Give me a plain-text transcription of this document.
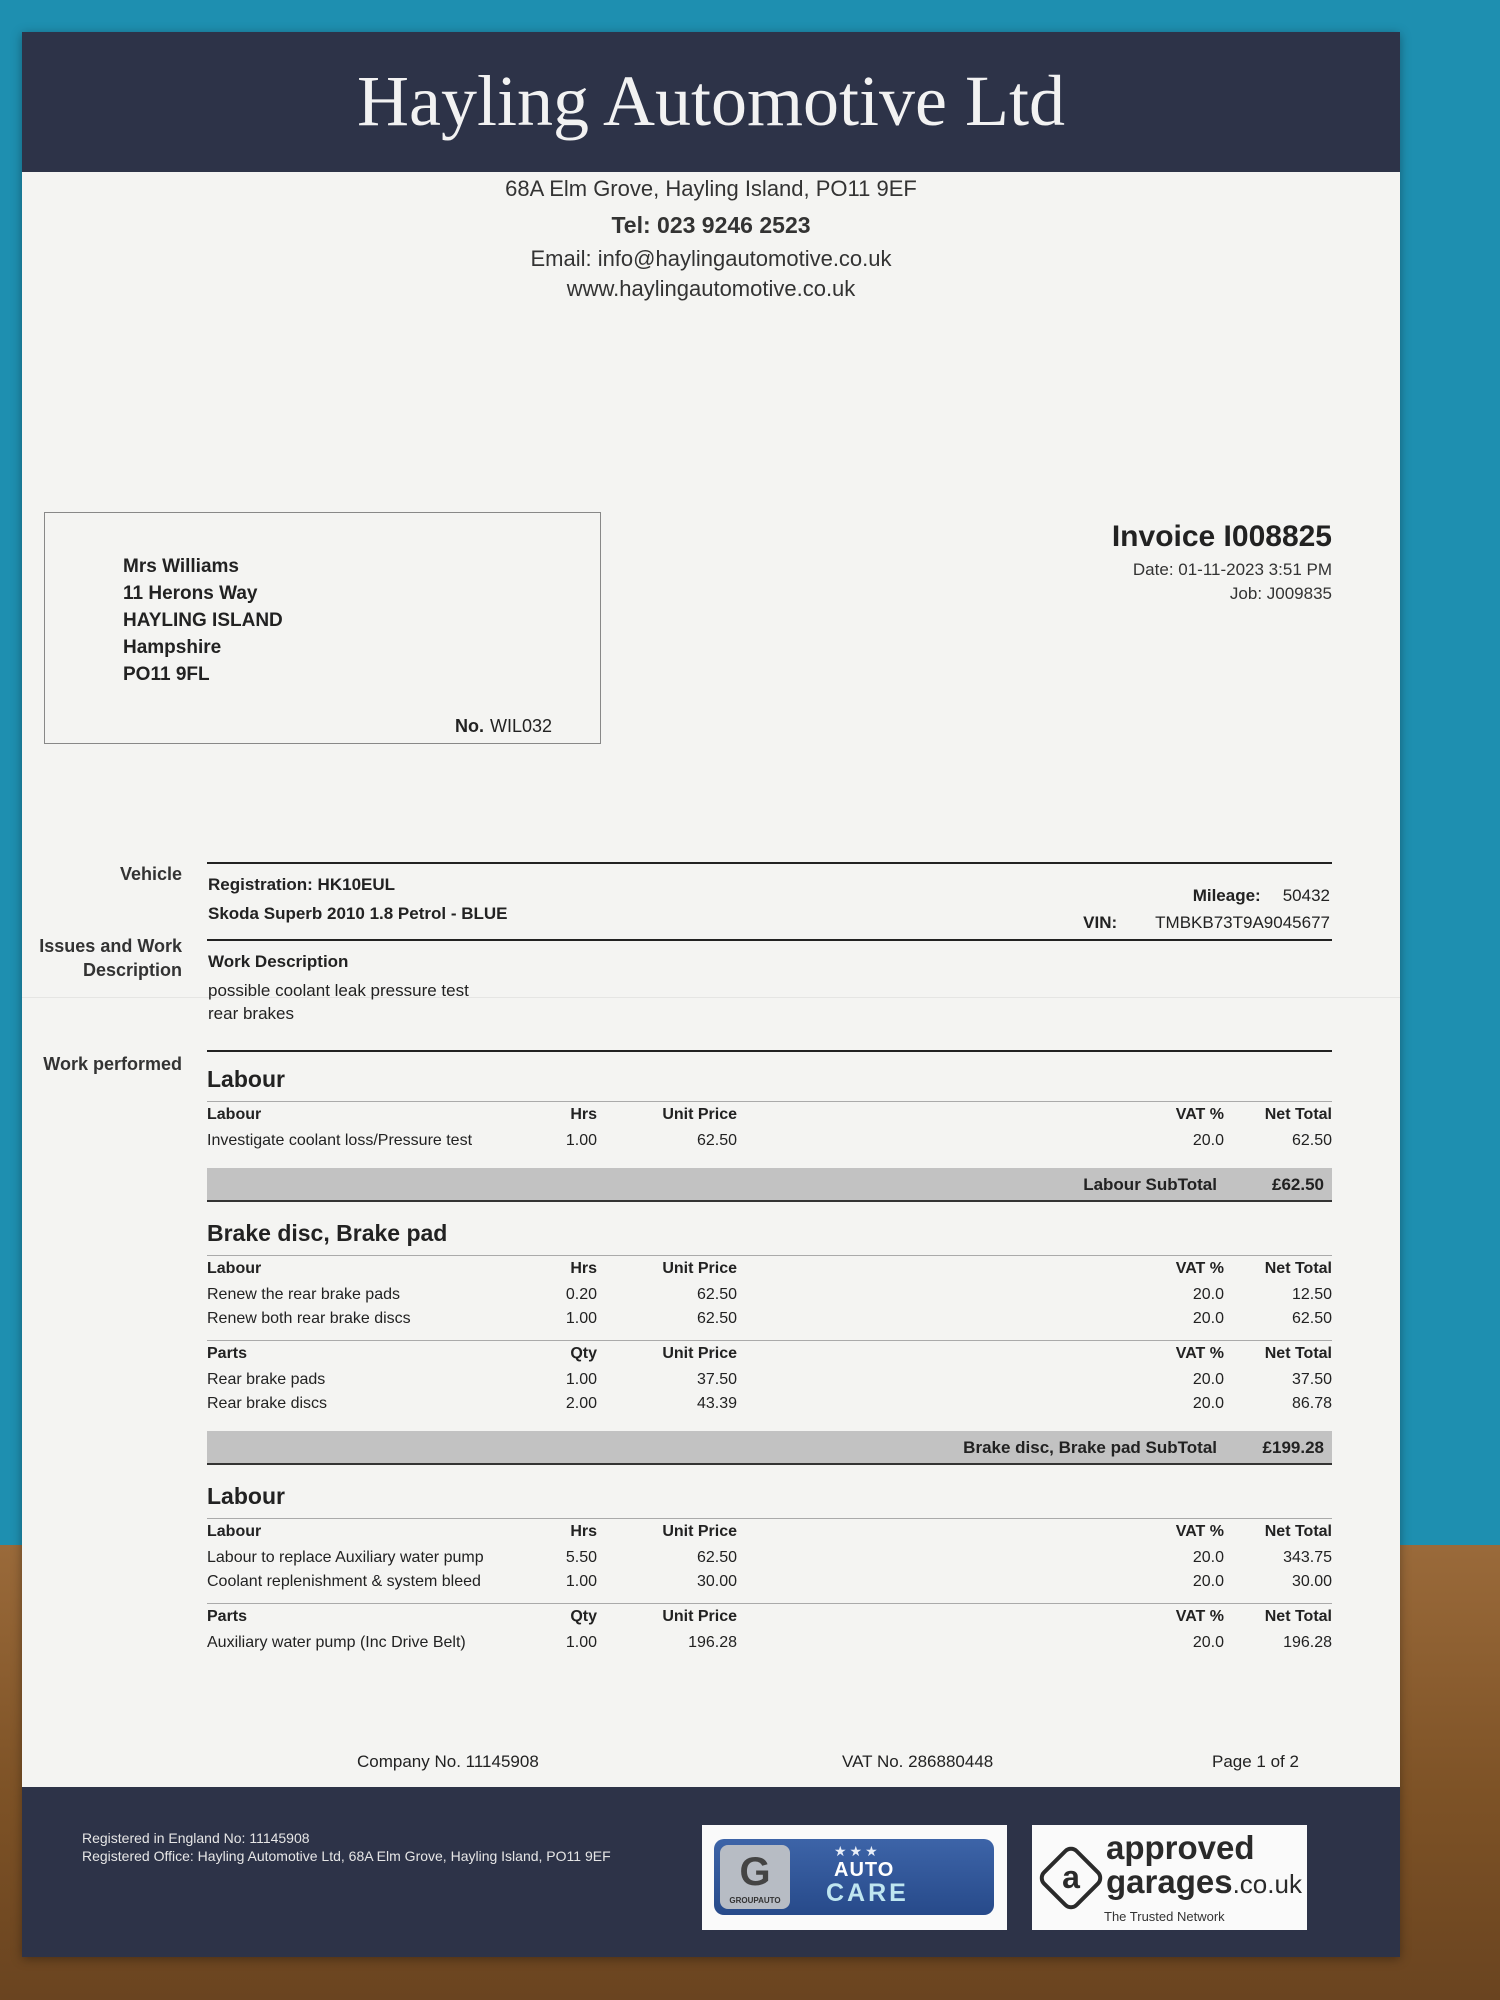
Hayling Automotive Ltd
68A Elm Grove, Hayling Island, PO11 9EF
Tel: 023 9246 2523
Email: info@haylingautomotive.co.uk
www.haylingautomotive.co.uk
Mrs Williams
11 Herons Way
HAYLING ISLAND
Hampshire
PO11 9FL
No. WIL032
Invoice I008825
Date: 01-11-2023 3:51 PM
Job: J009835
Vehicle
Registration: HK10EUL
Skoda Superb 2010 1.8 Petrol - BLUE
Mileage: 50432
VIN: TMBKB73T9A9045677
Issues and Work Description Work Description
possible coolant leak pressure test
rear brakes
Work performed
Labour
Labour	Hrs	Unit Price	VAT %	Net Total
Investigate coolant loss/Pressure test	1.00	62.50	20.0	62.50
Labour SubTotal	£62.50
Brake disc, Brake pad
Labour	Hrs	Unit Price	VAT %	Net Total
Renew the rear brake pads	0.20	62.50	20.0	12.50
Renew both rear brake discs	1.00	62.50	20.0	62.50
Parts	Qty	Unit Price	VAT %	Net Total
Rear brake pads	1.00	37.50	20.0	37.50
Rear brake discs	2.00	43.39	20.0	86.78
Brake disc, Brake pad SubTotal	£199.28
Labour
Labour	Hrs	Unit Price	VAT %	Net Total
Labour to replace Auxiliary water pump	5.50	62.50	20.0	343.75
Coolant replenishment & system bleed	1.00	30.00	20.0	30.00
Parts	Qty	Unit Price	VAT %	Net Total
Auxiliary water pump (Inc Drive Belt)	1.00	196.28	20.0	196.28
Company No. 11145908	VAT No. 286880448	Page 1 of 2
Registered in England No: 11145908
Registered Office: Hayling Automotive Ltd, 68A Elm Grove, Hayling Island, PO11 9EF	G
GROUPAUTO
★★★
AUTO
CARE	a
approved
garages.co.uk
The Trusted Network
